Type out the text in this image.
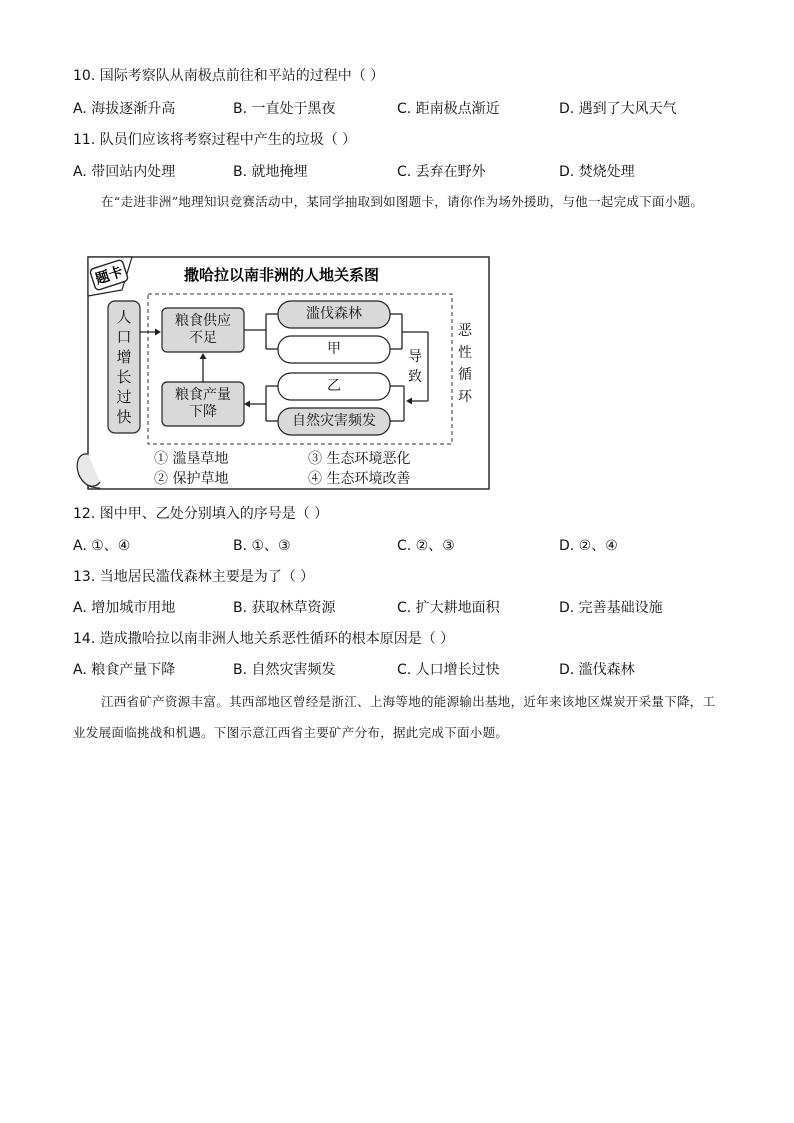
10. 国际考察队从南极点前往和平站的过程中（ ）
A. 海拔逐渐升高	B. 一直处于黑夜	C. 距南极点渐近	D. 遇到了大风天气
11. 队员们应该将考察过程中产生的垃圾（ ）
A. 带回站内处理	B. 就地掩埋	C. 丢弃在野外	D. 焚烧处理
在“走进非洲”地理知识竞赛活动中，某同学抽取到如图题卡，请你作为场外援助，与他一起完成下面小题。
题卡	撒哈拉以南非洲的人地关系图
人
口
增
长
过
快
粮食供应
不足
粮食产量
下降
滥伐森林
甲
乙
自然灾害频发
导
致
恶
性
循
环
① 滥垦草地	③ 生态环境恶化
② 保护草地	④ 生态环境改善
12. 图中甲、乙处分别填入的序号是（ ）
A. ①、④	B. ①、③	C. ②、③	D. ②、④
13. 当地居民滥伐森林主要是为了（ ）
A. 增加城市用地	B. 获取林草资源	C. 扩大耕地面积	D. 完善基础设施
14. 造成撒哈拉以南非洲人地关系恶性循环的根本原因是（ ）
A. 粮食产量下降	B. 自然灾害频发	C. 人口增长过快	D. 滥伐森林
江西省矿产资源丰富。其西部地区曾经是浙江、上海等地的能源输出基地，近年来该地区煤炭开采量下降，工业发展面临挑战和机遇。下图示意江西省主要矿产分布，据此完成下面小题。
